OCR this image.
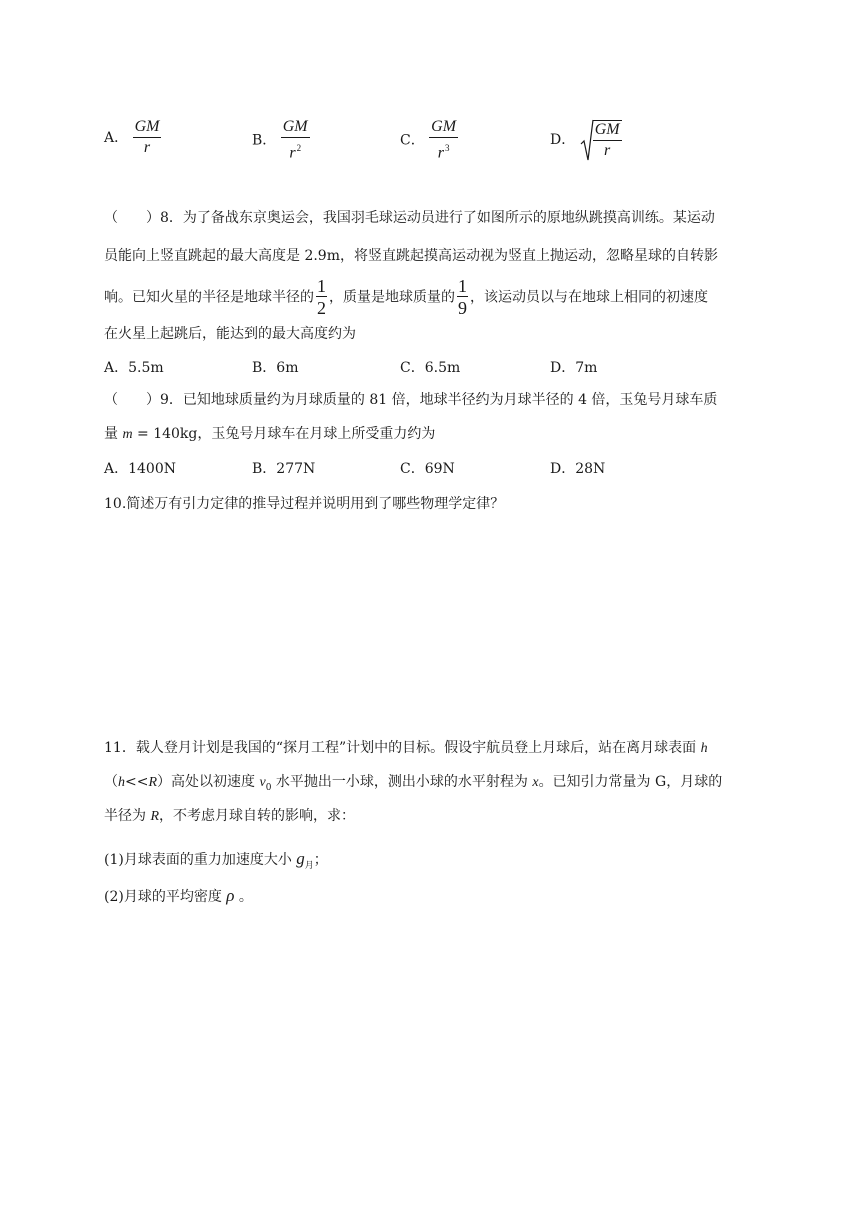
A． $\frac{GM}{r}$	B． $\frac{GM}{r^2}$	C． $\frac{GM}{r^3}$	D． $\frac{GM}{r}$
（　　）8．为了备战东京奥运会，我国羽毛球运动员进行了如图所示的原地纵跳摸高训练。某运动
员能向上竖直跳起的最大高度是 2.9m，将竖直跳起摸高运动视为竖直上抛运动，忽略星球的自转影
响。已知火星的半径是地球半径的 $\frac{1}{2}$ ，质量是地球质量的 $\frac{1}{9}$ ，该运动员以与在地球上相同的初速度
在火星上起跳后，能达到的最大高度约为
A．5.5m	B．6m	C．6.5m	D．7m
（　　）9．已知地球质量约为月球质量的 81 倍，地球半径约为月球半径的 4 倍，玉兔号月球车质
量 m = 140kg，玉兔号月球车在月球上所受重力约为
A．1400N	B．277N	C．69N	D．28N
10.简述万有引力定律的推导过程并说明用到了哪些物理学定律？
11．载人登月计划是我国的“探月工程”计划中的目标。假设宇航员登上月球后，站在离月球表面 h
（h<<R）高处以初速度 $v_0$ 水平抛出一小球，测出小球的水平射程为 x。已知引力常量为 G，月球的
半径为 R，不考虑月球自转的影响，求：
(1)月球表面的重力加速度大小 $g_月$；
(2)月球的平均密度 ρ 。
